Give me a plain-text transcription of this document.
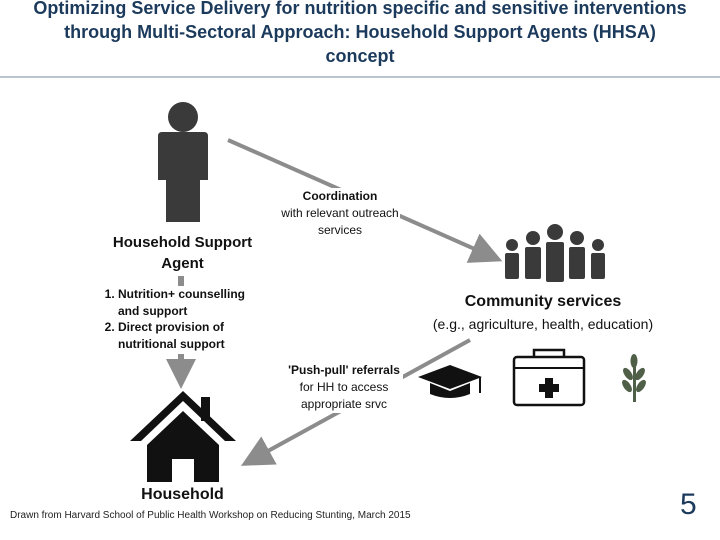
Optimizing Service Delivery for nutrition specific and sensitive interventions through Multi-Sectoral Approach: Household Support Agents (HHSA) concept
Household Support Agent
Coordination
with relevant outreach services
1. Nutrition+ counselling and support
2. Direct provision of nutritional support
Community services
(e.g., agriculture, health, education)
'Push-pull' referrals for HH to access appropriate srvc
Household
Drawn from Harvard School of Public Health Workshop on Reducing Stunting, March 2015	5
